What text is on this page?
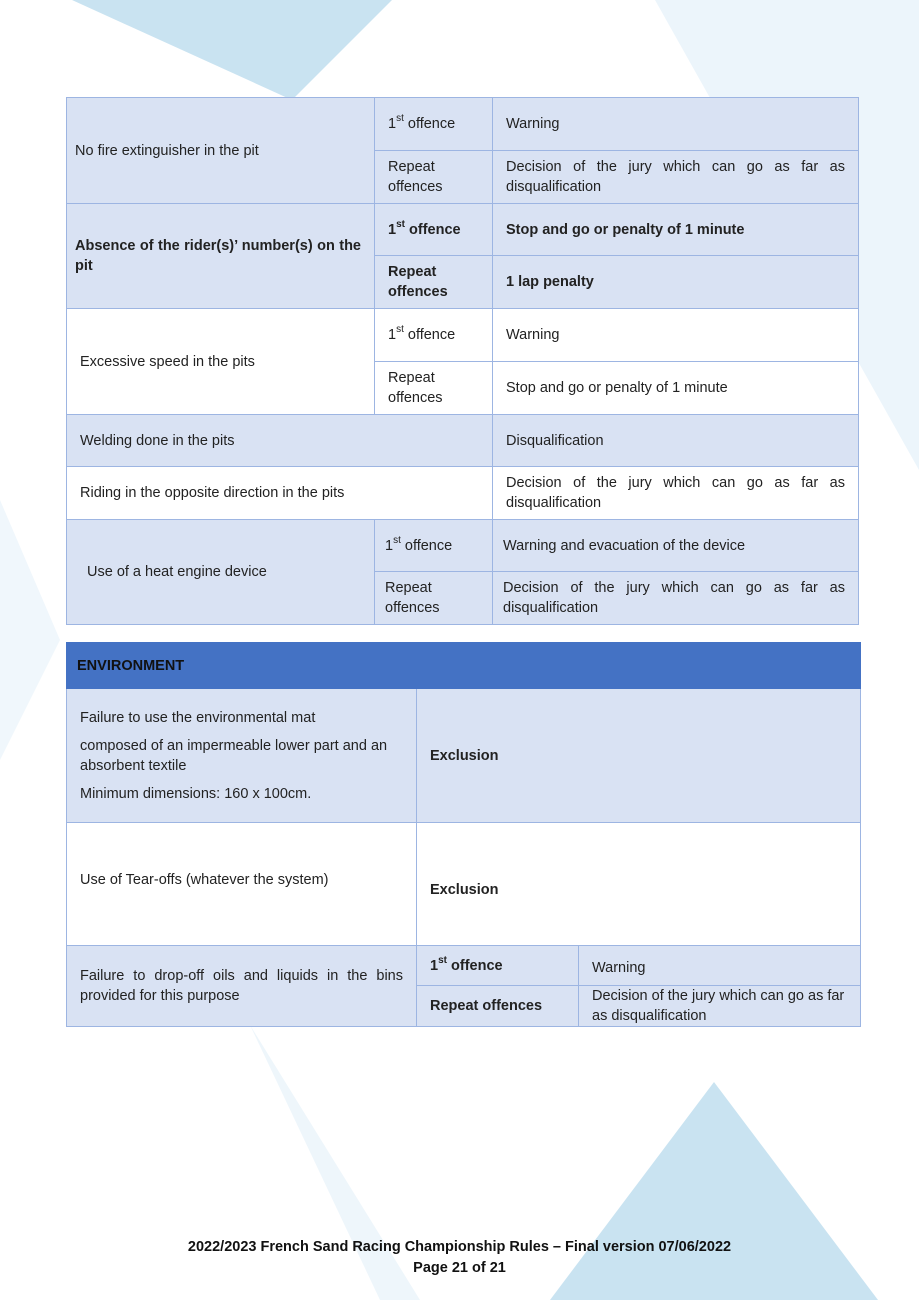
No fire extinguisher in the pit	1st offence	Warning
	Repeat offences	Decision of the jury which can go as far as disqualification
Absence of the rider(s)’ number(s) on the pit	1st offence	Stop and go or penalty of 1 minute
	Repeat offences	1 lap penalty
Excessive speed in the pits	1st offence	Warning
	Repeat offences	Stop and go or penalty of 1 minute
Welding done in the pits		Disqualification
Riding in the opposite direction in the pits		Decision of the jury which can go as far as disqualification
Use of a heat engine device	1st offence	Warning and evacuation of the device
	Repeat offences	Decision of the jury which can go as far as disqualification
ENVIRONMENT		

Failure to use the environmental mat
composed of an impermeable lower part and an absorbent textile
Minimum dimensions: 160 x 100cm.	Exclusion	
Use of Tear-offs (whatever the system)	Exclusion	
Failure to drop-off oils and liquids in the bins provided for this purpose	1st offence	Warning
	Repeat offences	Decision of the jury which can go as far as disqualification
2022/2023 French Sand Racing Championship Rules – Final version 07/06/2022
Page 21 of 21
